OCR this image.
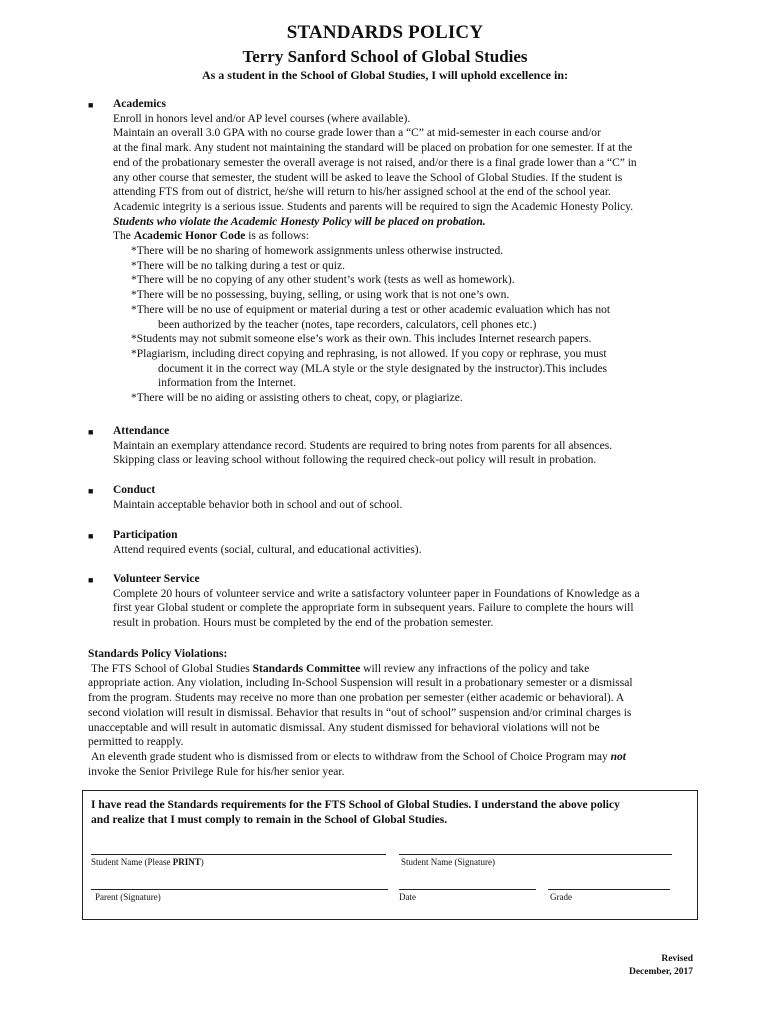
STANDARDS POLICY
Terry Sanford School of Global Studies
As a student in the School of Global Studies, I will uphold excellence in:
■ Academics
Enroll in honors level and/or AP level courses (where available).
Maintain an overall 3.0 GPA with no course grade lower than a “C” at mid-semester in each course and/or
at the final mark. Any student not maintaining the standard will be placed on probation for one semester. If at the
end of the probationary semester the overall average is not raised, and/or there is a final grade lower than a “C” in
any other course that semester, the student will be asked to leave the School of Global Studies. If the student is
attending FTS from out of district, he/she will return to his/her assigned school at the end of the school year.
Academic integrity is a serious issue. Students and parents will be required to sign the Academic Honesty Policy.
Students who violate the Academic Honesty Policy will be placed on probation.
The Academic Honor Code is as follows:
*There will be no sharing of homework assignments unless otherwise instructed.
*There will be no talking during a test or quiz.
*There will be no copying of any other student’s work (tests as well as homework).
*There will be no possessing, buying, selling, or using work that is not one’s own.
*There will be no use of equipment or material during a test or other academic evaluation which has not
been authorized by the teacher (notes, tape recorders, calculators, cell phones etc.)
*Students may not submit someone else’s work as their own. This includes Internet research papers.
*Plagiarism, including direct copying and rephrasing, is not allowed. If you copy or rephrase, you must
document it in the correct way (MLA style or the style designated by the instructor).This includes
information from the Internet.
*There will be no aiding or assisting others to cheat, copy, or plagiarize.
■ Attendance
Maintain an exemplary attendance record. Students are required to bring notes from parents for all absences.
Skipping class or leaving school without following the required check-out policy will result in probation.
■ Conduct
Maintain acceptable behavior both in school and out of school.
■ Participation
Attend required events (social, cultural, and educational activities).
■ Volunteer Service
Complete 20 hours of volunteer service and write a satisfactory volunteer paper in Foundations of Knowledge as a
first year Global student or complete the appropriate form in subsequent years. Failure to complete the hours will
result in probation. Hours must be completed by the end of the probation semester.
Standards Policy Violations:
The FTS School of Global Studies Standards Committee will review any infractions of the policy and take
appropriate action. Any violation, including In-School Suspension will result in a probationary semester or a dismissal
from the program. Students may receive no more than one probation per semester (either academic or behavioral). A
second violation will result in dismissal. Behavior that results in “out of school” suspension and/or criminal charges is
unacceptable and will result in automatic dismissal. Any student dismissed for behavioral violations will not be
permitted to reapply.
An eleventh grade student who is dismissed from or elects to withdraw from the School of Choice Program may not
invoke the Senior Privilege Rule for his/her senior year.
I have read the Standards requirements for the FTS School of Global Studies. I understand the above policy
and realize that I must comply to remain in the School of Global Studies.
Student Name (Please PRINT)	Student Name (Signature)
Parent (Signature)	Date	Grade
Revised
December, 2017
